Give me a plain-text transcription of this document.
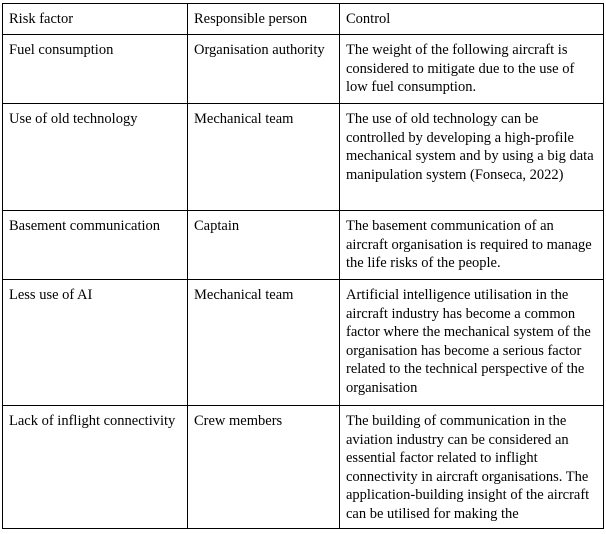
Risk factor	Responsible person	Control
Fuel consumption	Organisation authority	The weight of the following aircraft is considered to mitigate due to the use of low fuel consumption.
Use of old technology	Mechanical team	The use of old technology can be controlled by developing a high-profile mechanical system and by using a big data manipulation system (Fonseca, 2022)
Basement communication	Captain	The basement communication of an aircraft organisation is required to manage the life risks of the people.
Less use of AI	Mechanical team	Artificial intelligence utilisation in the aircraft industry has become a common factor where the mechanical system of the organisation has become a serious factor related to the technical perspective of the organisation
Lack of inflight connectivity	Crew members	The building of communication in the aviation industry can be considered an essential factor related to inflight connectivity in aircraft organisations. The application-building insight of the aircraft can be utilised for making the
